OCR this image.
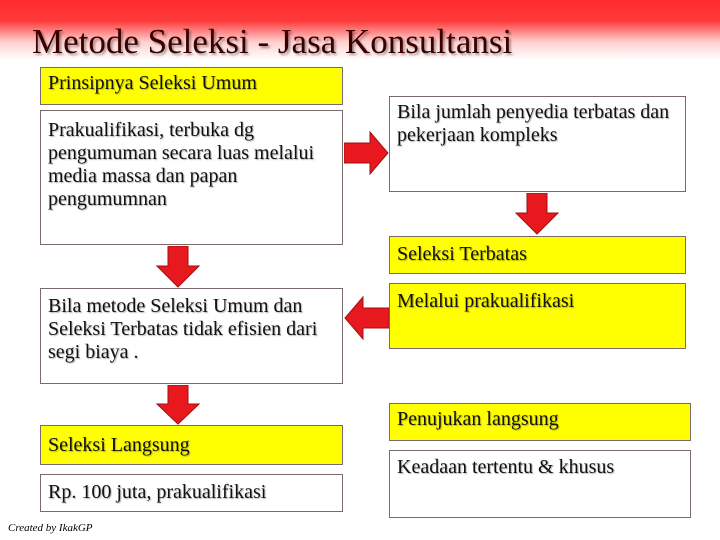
Metode Seleksi - Jasa Konsultansi
Prinsipnya Seleksi Umum
Prakualifikasi, terbuka dg pengumuman secara luas melalui media massa dan papan pengumumnan
Bila jumlah penyedia terbatas dan pekerjaan kompleks
Seleksi Terbatas
Bila metode Seleksi Umum dan Seleksi Terbatas tidak efisien dari segi biaya .
Melalui prakualifikasi
Seleksi Langsung
Rp. 100 juta, prakualifikasi
Penujukan langsung
Keadaan tertentu & khusus
Created by IkakGP
